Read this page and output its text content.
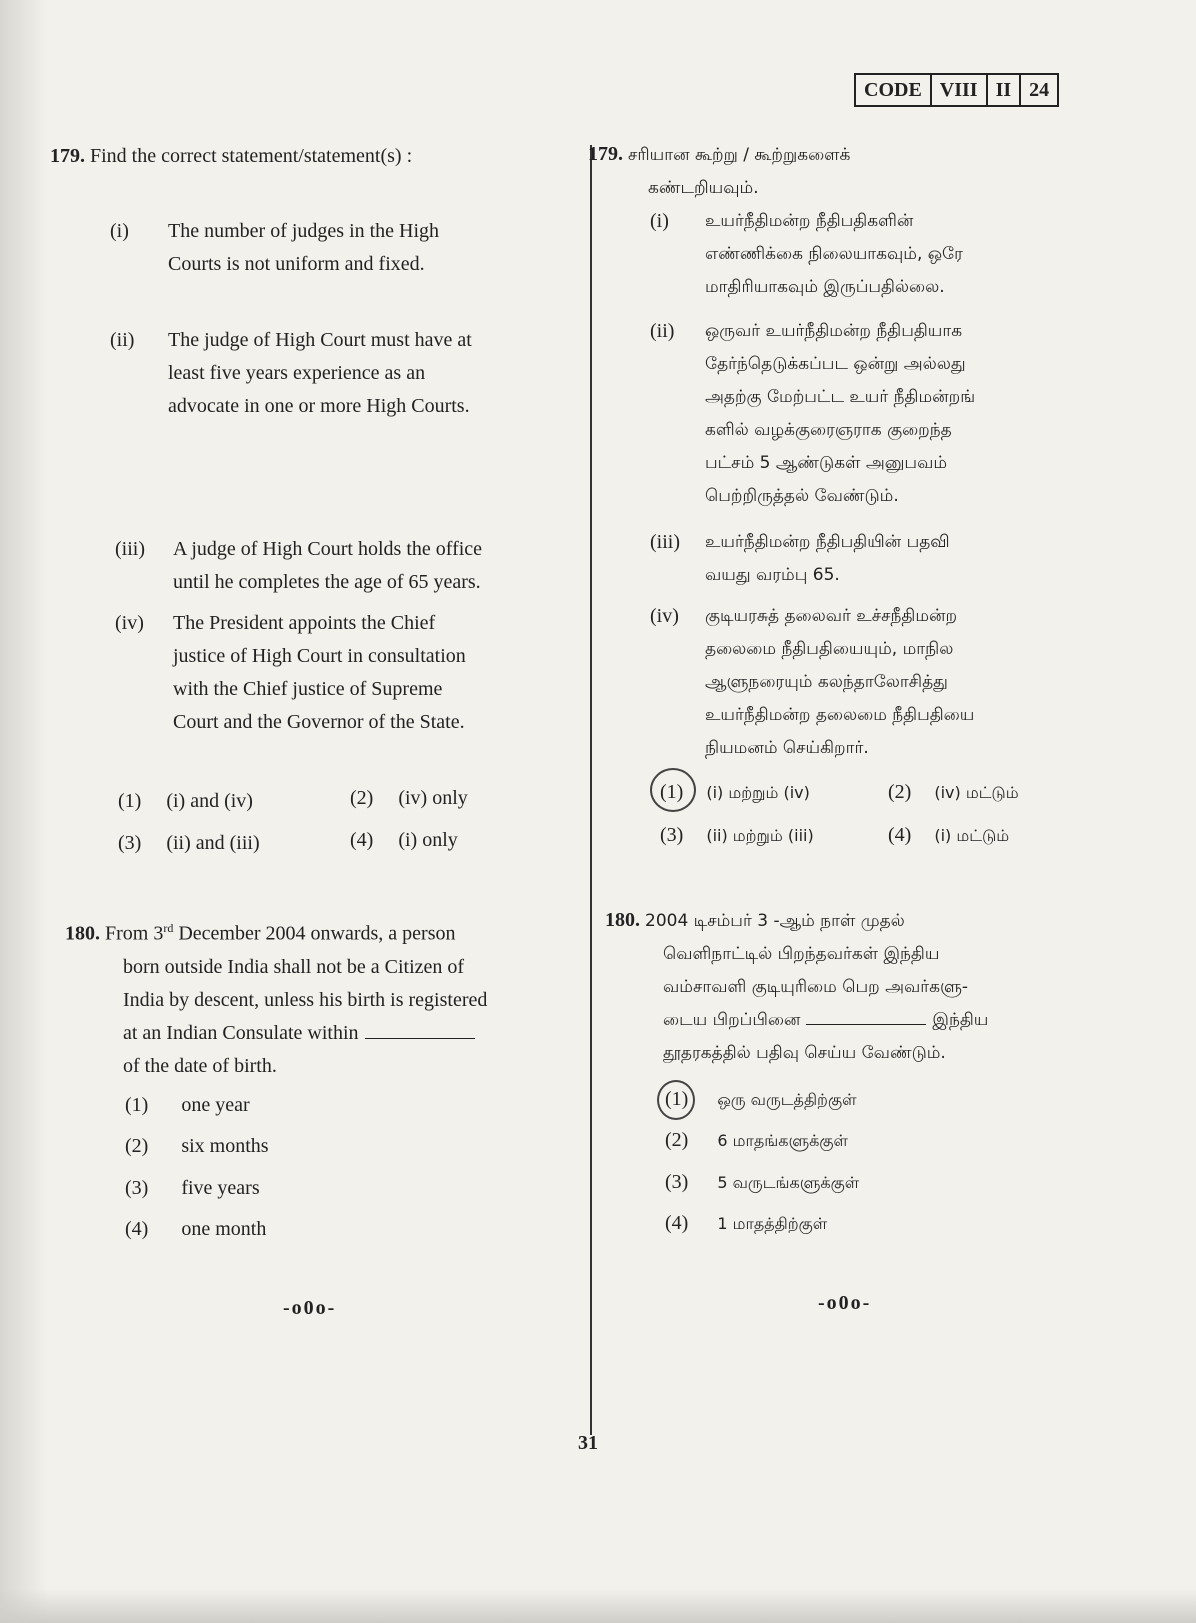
CODE VIII II 24
179. Find the correct statement/statement(s) :
(i) The number of judges in the High
Courts is not uniform and fixed.
(ii) The judge of High Court must have at
least five years experience as an
advocate in one or more High Courts.
(iii) A judge of High Court holds the office
until he completes the age of 65 years.
(iv) The President appoints the Chief
justice of High Court in consultation
with the Chief justice of Supreme
Court and the Governor of the State.
(1) (i) and (iv)	(2) (iv) only
(3) (ii) and (iii)	(4) (i) only
180. From 3rd December 2004 onwards, a person
born outside India shall not be a Citizen of
India by descent, unless his birth is registered
at an Indian Consulate within
of the date of birth.
(1) one year
(2) six months
(3) five years
(4) one month
-o0o-
179. சரியான கூற்று / கூற்றுகளைக்
கண்டறியவும்.
(i) உயர்நீதிமன்ற நீதிபதிகளின்
எண்ணிக்கை நிலையாகவும், ஒரே
மாதிரியாகவும் இருப்பதில்லை.
(ii) ஒருவர் உயர்நீதிமன்ற நீதிபதியாக
தேர்ந்தெடுக்கப்பட ஒன்று அல்லது
அதற்கு மேற்பட்ட உயர் நீதிமன்றங்
களில் வழக்குரைஞராக குறைந்த
பட்சம் 5 ஆண்டுகள் அனுபவம்
பெற்றிருத்தல் வேண்டும்.
(iii) உயர்நீதிமன்ற நீதிபதியின் பதவி
வயது வரம்பு 65.
(iv) குடியரசுத் தலைவர் உச்சநீதிமன்ற
தலைமை நீதிபதியையும், மாநில
ஆளுநரையும் கலந்தாலோசித்து
உயர்நீதிமன்ற தலைமை நீதிபதியை
நியமனம் செய்கிறார்.
(1) (i) மற்றும் (iv)	(2) (iv) மட்டும்
(3) (ii) மற்றும் (iii)	(4) (i) மட்டும்
180. 2004 டிசம்பர் 3 -ஆம் நாள் முதல்
வெளிநாட்டில் பிறந்தவர்கள் இந்திய
வம்சாவளி குடியுரிமை பெற அவர்களு-
டைய பிறப்பினை	இந்திய
தூதரகத்தில் பதிவு செய்ய வேண்டும்.
(1) ஒரு வருடத்திற்குள்
(2) 6 மாதங்களுக்குள்
(3) 5 வருடங்களுக்குள்
(4) 1 மாதத்திற்குள்
-o0o-
31
